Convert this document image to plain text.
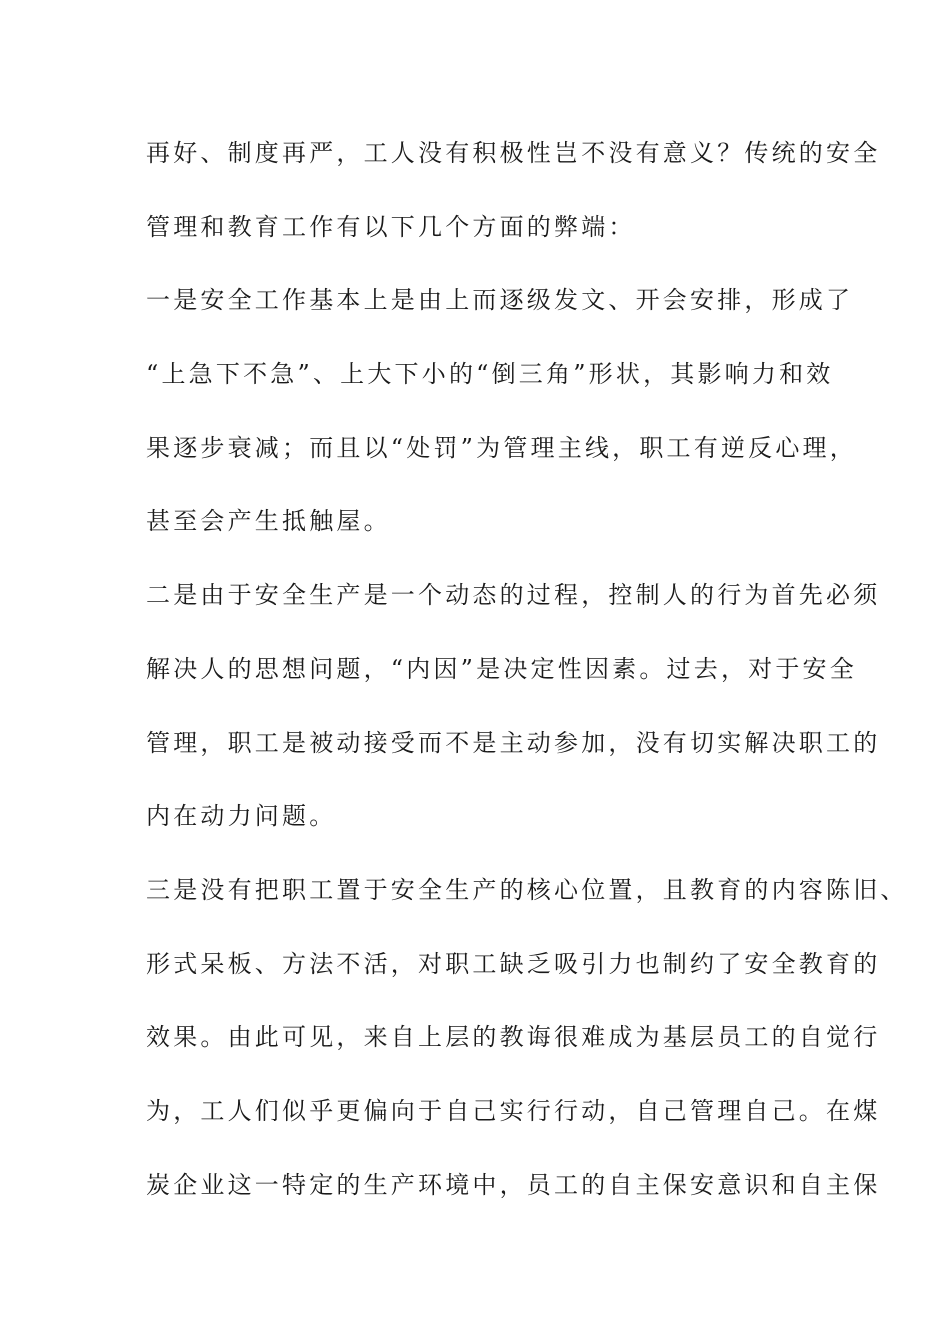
再好、制度再严，工人没有积极性岂不没有意义？传统的安全
管理和教育工作有以下几个方面的弊端：
一是安全工作基本上是由上而逐级发文、开会安排，形成了
“上急下不急”、上大下小的“倒三角”形状，其影响力和效
果逐步衰减；而且以“处罚”为管理主线，职工有逆反心理，
甚至会产生抵触屋。
二是由于安全生产是一个动态的过程，控制人的行为首先必须
解决人的思想问题，“内因”是决定性因素。过去，对于安全
管理，职工是被动接受而不是主动参加，没有切实解决职工的
内在动力问题。
三是没有把职工置于安全生产的核心位置，且教育的内容陈旧、
形式呆板、方法不活，对职工缺乏吸引力也制约了安全教育的
效果。由此可见，来自上层的教诲很难成为基层员工的自觉行
为，工人们似乎更偏向于自己实行行动，自己管理自己。在煤
炭企业这一特定的生产环境中，员工的自主保安意识和自主保
